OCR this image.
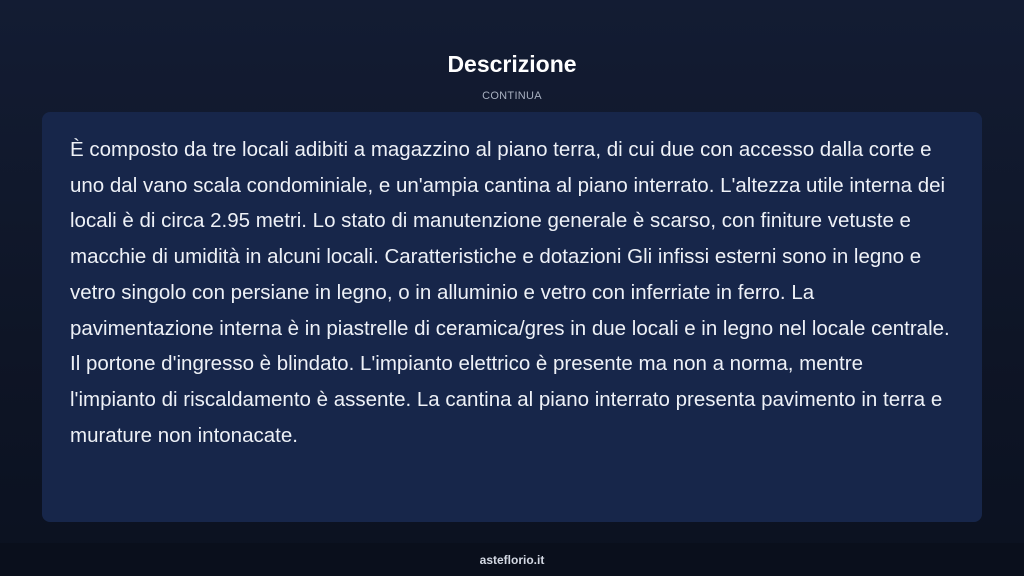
Descrizione
CONTINUA

È composto da tre locali adibiti a magazzino al piano terra, di cui due con accesso dalla corte e uno dal vano scala condominiale, e un'ampia cantina al piano interrato. L'altezza utile interna dei locali è di circa 2.95 metri. Lo stato di manutenzione generale è scarso, con finiture vetuste e macchie di umidità in alcuni locali. Caratteristiche e dotazioni Gli infissi esterni sono in legno e vetro singolo con persiane in legno, o in alluminio e vetro con inferriate in ferro. La pavimentazione interna è in piastrelle di ceramica/gres in due locali e in legno nel locale centrale. Il portone d'ingresso è blindato. L'impianto elettrico è presente ma non a norma, mentre l'impianto di riscaldamento è assente. La cantina al piano interrato presenta pavimento in terra e murature non intonacate.

asteflorio.it
